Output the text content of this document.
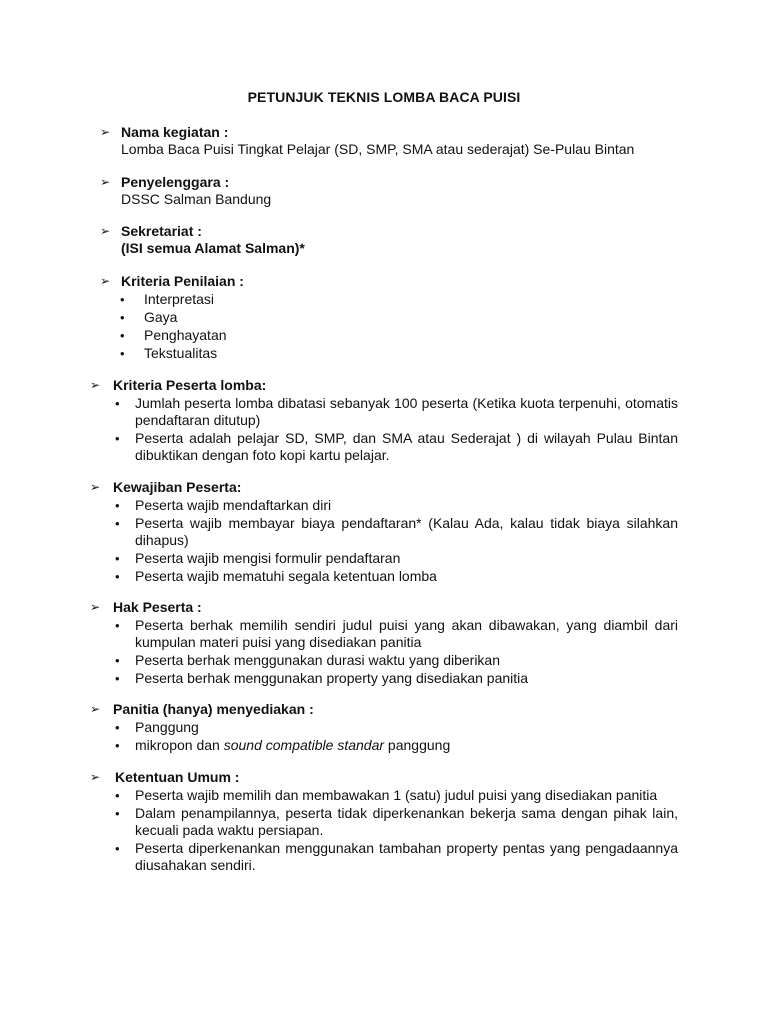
PETUNJUK TEKNIS LOMBA BACA PUISI
➢ Nama kegiatan :
Lomba Baca Puisi Tingkat Pelajar (SD, SMP, SMA atau sederajat) Se-Pulau Bintan
➢ Penyelenggara :
DSSC Salman Bandung
➢ Sekretariat :
(ISI semua Alamat Salman)*
➢ Kriteria Penilaian :
• Interpretasi
• Gaya
• Penghayatan
• Tekstualitas
➢ Kriteria Peserta lomba:
• Jumlah peserta lomba dibatasi sebanyak 100 peserta (Ketika kuota terpenuhi, otomatis pendaftaran ditutup)
• Peserta adalah pelajar SD, SMP, dan SMA atau Sederajat ) di wilayah Pulau Bintan dibuktikan dengan foto kopi kartu pelajar.
➢ Kewajiban Peserta:
• Peserta wajib mendaftarkan diri
• Peserta wajib membayar biaya pendaftaran* (Kalau Ada, kalau tidak biaya silahkan dihapus)
• Peserta wajib mengisi formulir pendaftaran
• Peserta wajib mematuhi segala ketentuan lomba
➢ Hak Peserta :
• Peserta berhak memilih sendiri judul puisi yang akan dibawakan, yang diambil dari kumpulan materi puisi yang disediakan panitia
• Peserta berhak menggunakan durasi waktu yang diberikan
• Peserta berhak menggunakan property yang disediakan panitia
➢ Panitia (hanya) menyediakan :
• Panggung
• mikropon dan sound compatible standar panggung
➢ Ketentuan Umum :
• Peserta wajib memilih dan membawakan 1 (satu) judul puisi yang disediakan panitia
• Dalam penampilannya, peserta tidak diperkenankan bekerja sama dengan pihak lain, kecuali pada waktu persiapan.
• Peserta diperkenankan menggunakan tambahan property pentas yang pengadaannya diusahakan sendiri.
